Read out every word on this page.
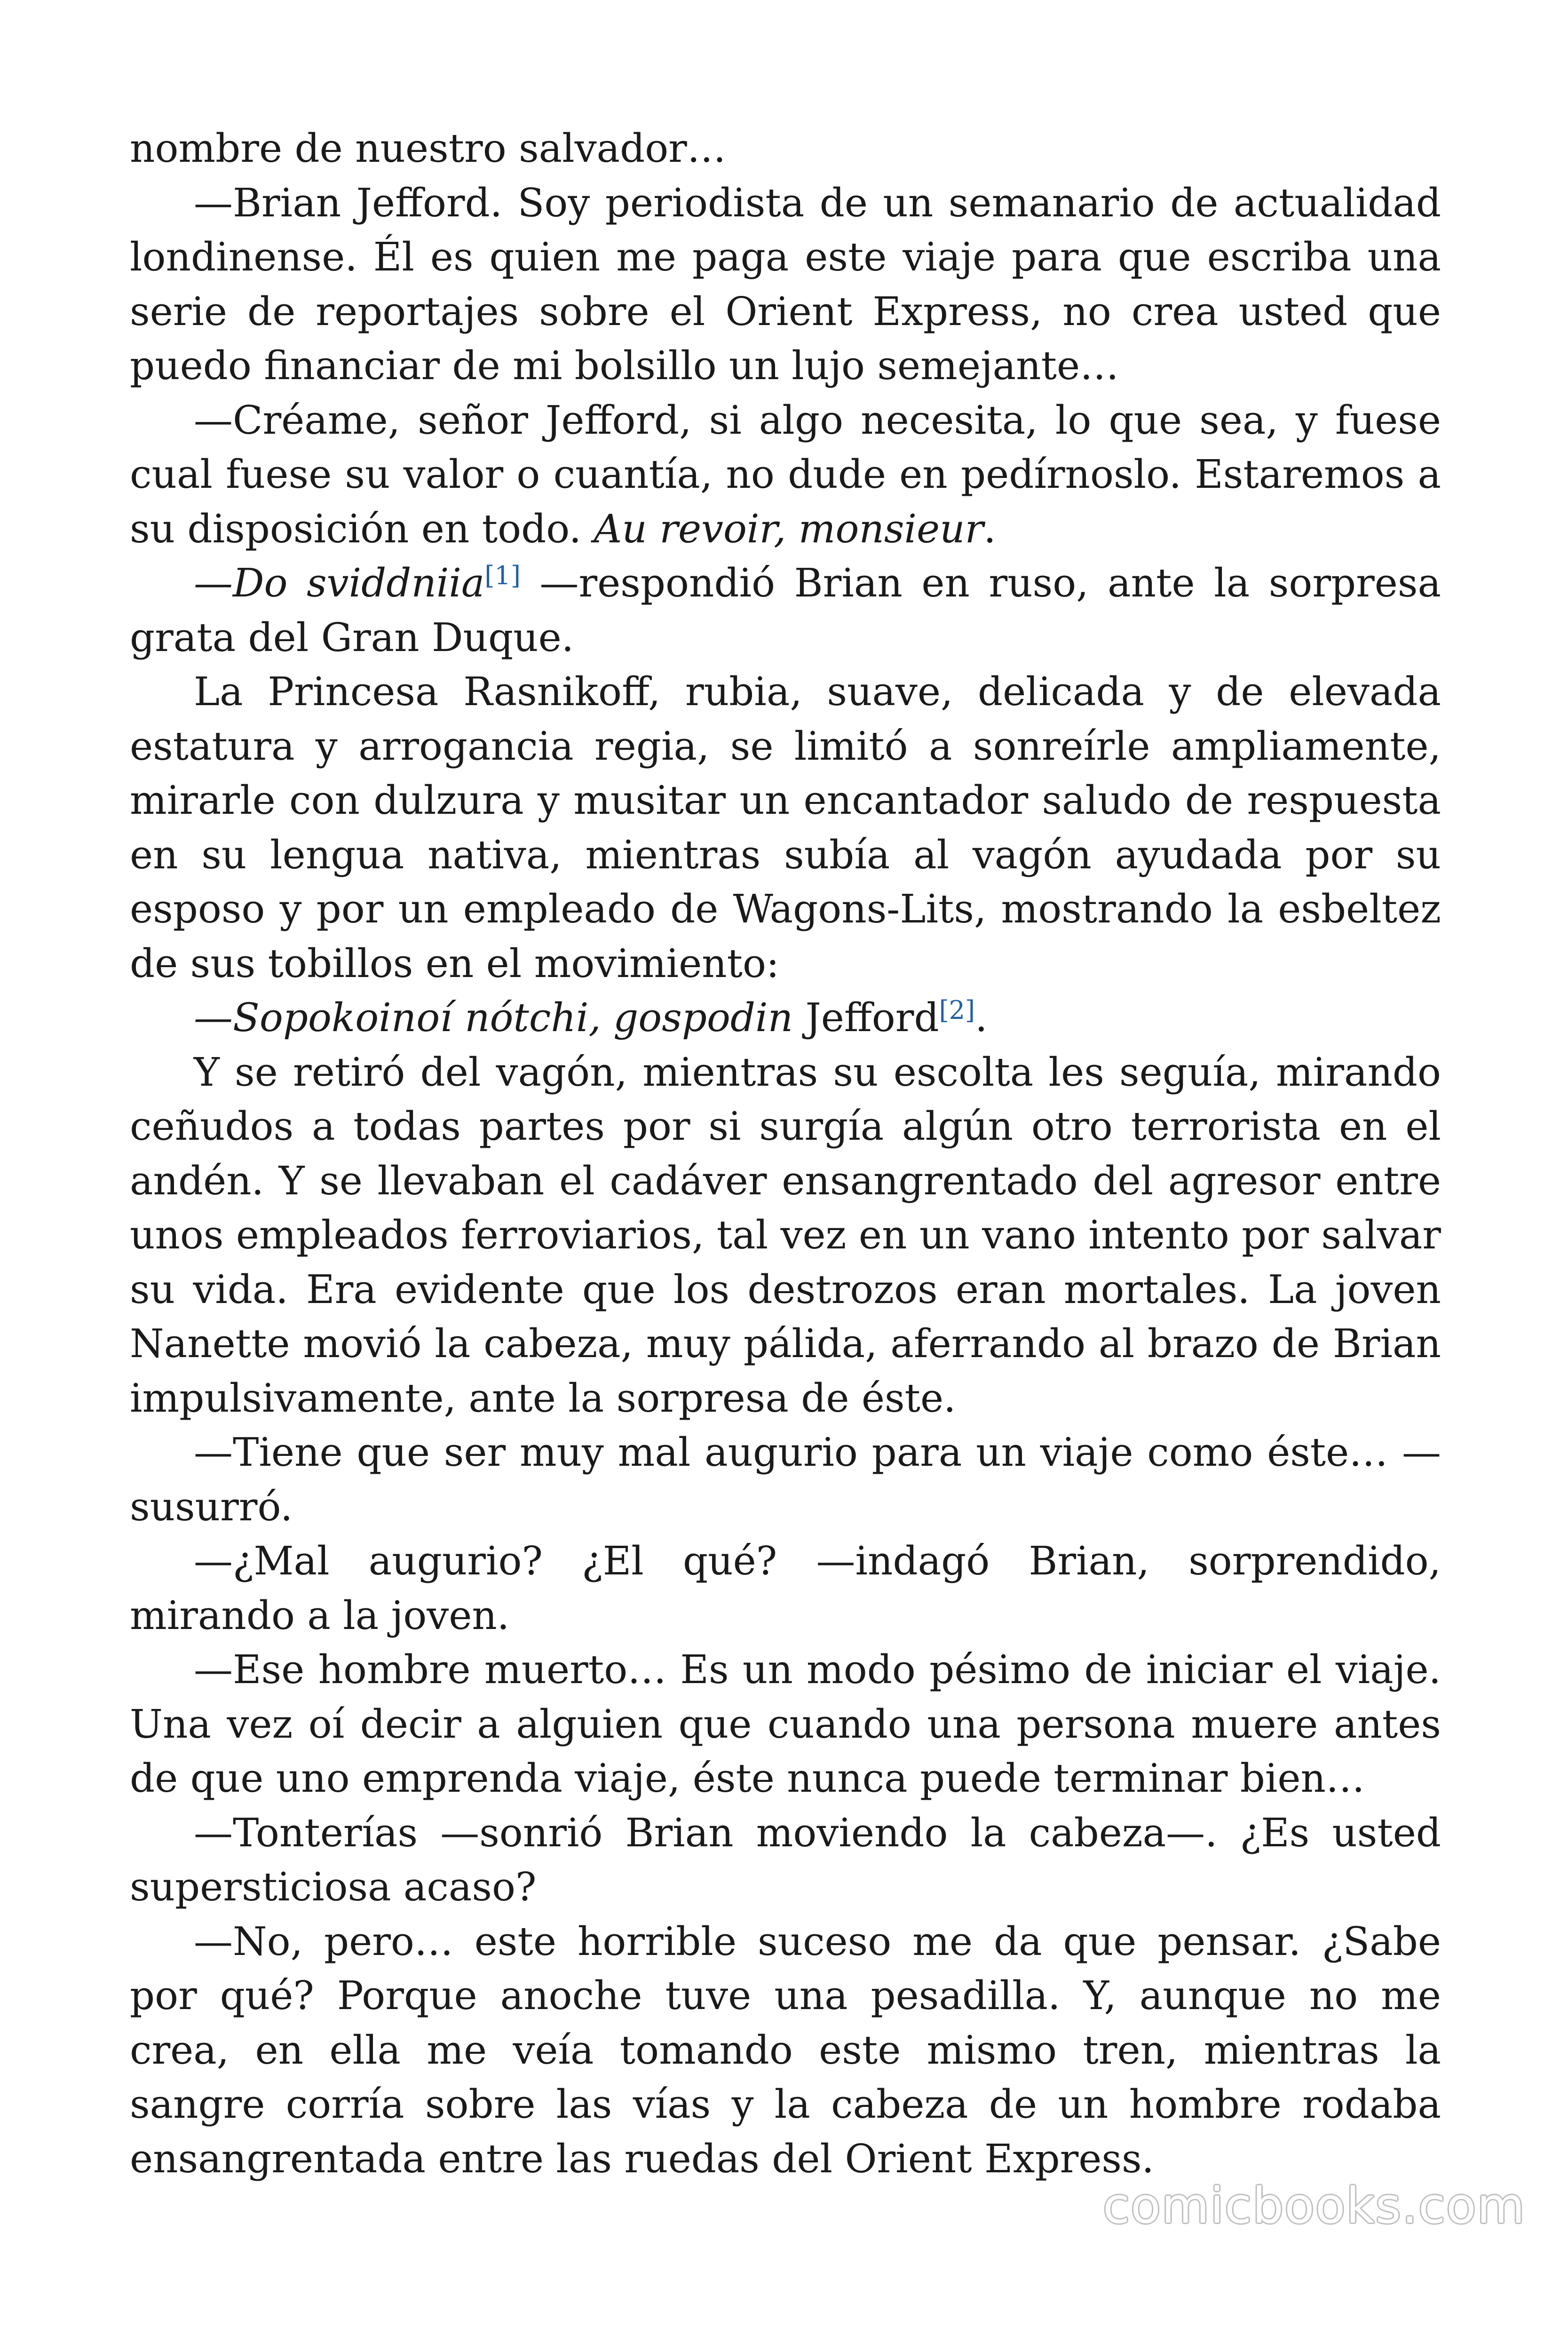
nombre de nuestro salvador…

—Brian Jefford. Soy periodista de un semanario de actualidad londinense. Él es quien me paga este viaje para que escriba una serie de reportajes sobre el Orient Express, no crea usted que puedo financiar de mi bolsillo un lujo semejante…

—Créame, señor Jefford, si algo necesita, lo que sea, y fuese cual fuese su valor o cuantía, no dude en pedírnoslo. Estaremos a su disposición en todo. Au revoir, monsieur.

—Do sviddniia[1] —respondió Brian en ruso, ante la sorpresa grata del Gran Duque.

La Princesa Rasnikoff, rubia, suave, delicada y de elevada estatura y arrogancia regia, se limitó a sonreírle ampliamente, mirarle con dulzura y musitar un encantador saludo de respuesta en su lengua nativa, mientras subía al vagón ayudada por su esposo y por un empleado de Wagons-Lits, mostrando la esbeltez de sus tobillos en el movimiento:

—Sopokoinoí nótchi, gospodin Jefford[2].

Y se retiró del vagón, mientras su escolta les seguía, mirando ceñudos a todas partes por si surgía algún otro terrorista en el andén. Y se llevaban el cadáver ensangrentado del agresor entre unos empleados ferroviarios, tal vez en un vano intento por salvar su vida. Era evidente que los destrozos eran mortales. La joven Nanette movió la cabeza, muy pálida, aferrando al brazo de Brian impulsivamente, ante la sorpresa de éste.

—Tiene que ser muy mal augurio para un viaje como éste… —susurró.

—¿Mal augurio? ¿El qué? —indagó Brian, sorprendido, mirando a la joven.

—Ese hombre muerto… Es un modo pésimo de iniciar el viaje. Una vez oí decir a alguien que cuando una persona muere antes de que uno emprenda viaje, éste nunca puede terminar bien…

—Tonterías —sonrió Brian moviendo la cabeza—. ¿Es usted supersticiosa acaso?

—No, pero… este horrible suceso me da que pensar. ¿Sabe por qué? Porque anoche tuve una pesadilla. Y, aunque no me crea, en ella me veía tomando este mismo tren, mientras la sangre corría sobre las vías y la cabeza de un hombre rodaba ensangrentada entre las ruedas del Orient Express.

comicbooks.com
